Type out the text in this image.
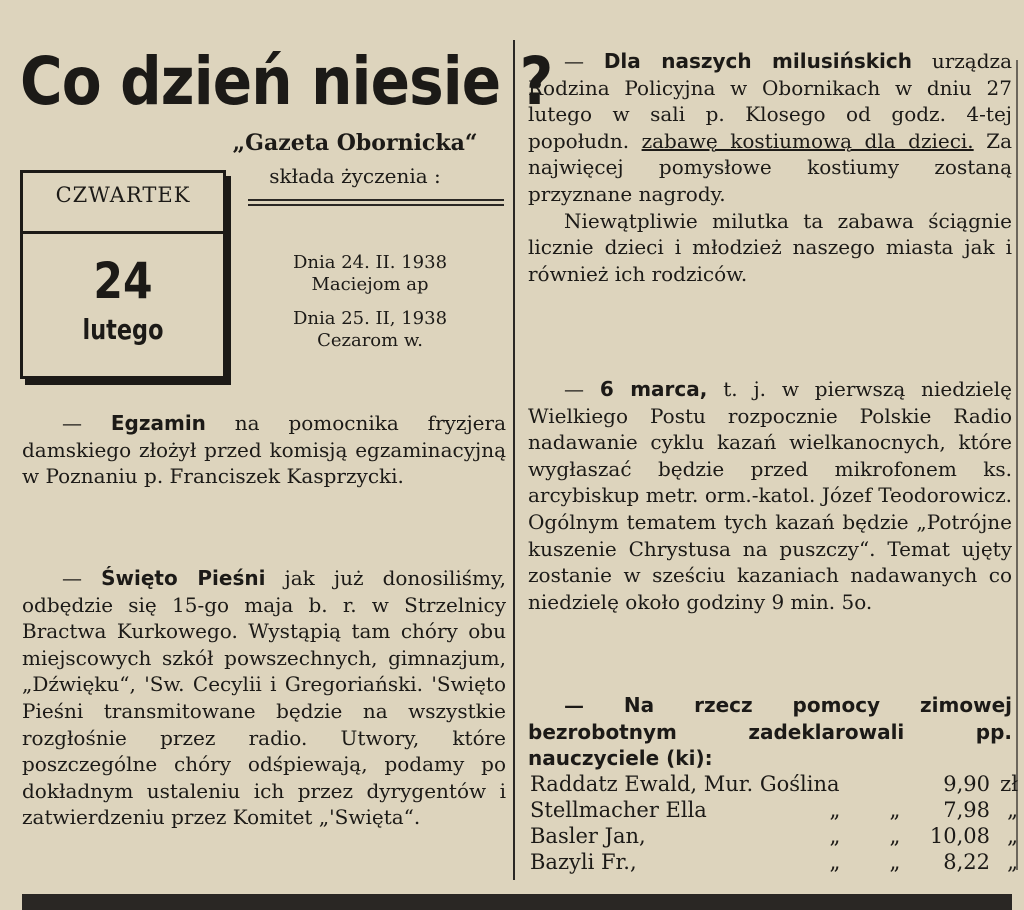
Co dzień niesie ?
„Gazeta Obornicka“
składa życzenia :
CZWARTEK
24
lutego
Dnia 24. II. 1938
Maciejom ap
Dnia 25. II, 1938
Cezarom w.
— Egzamin na pomocnika fryzjera damskiego złożył przed komisją egzaminacyjną w Poznaniu p. Franciszek Kasprzycki.
— Święto Pieśni jak już donosiliśmy, odbędzie się 15-go maja b. r. w Strzelnicy Bractwa Kurkowego. Wystąpią tam chóry obu miejscowych szkół powszechnych, gimnazjum, „Dźwięku“, 'Sw. Cecylii i Gregoriański. 'Swięto Pieśni transmitowane będzie na wszystkie rozgłośnie przez radio. Utwory, które poszczególne chóry odśpiewają, podamy po dokładnym ustaleniu ich przez dyrygentów i zatwierdzeniu przez Komitet „'Swięta“.
— Dla naszych milusińskich urządza Rodzina Policyjna w Obornikach w dniu 27 lutego w sali p. Klosego od godz. 4-tej popołudn. zabawę kostiumową dla dzieci. Za najwięcej pomysłowe kostiumy zostaną przyznane nagrody.
Niewątpliwie milutka ta zabawa ściągnie licznie dzieci i młodzież naszego miasta jak i również ich rodziców.
— 6 marca, t. j. w pierwszą niedzielę Wielkiego Postu rozpocznie Polskie Radio nadawanie cyklu kazań wielkanocnych, które wygłaszać będzie przed mikrofonem ks. arcybiskup metr. orm.-katol. Józef Teodorowicz. Ogólnym tematem tych kazań będzie „Potrójne kuszenie Chrystusa na puszczy“. Temat ujęty zostanie w sześciu kazaniach nadawanych co niedzielę około godziny 9 min. 5o.
— Na rzecz pomocy zimowej bezrobotnym zadeklarowali pp. nauczyciele (ki):
Raddatz Ewald, Mur. Goślina	9,90 zł
Stellmacher Ella	„	„	7,98 „
Basler Jan,	„	„	10,08 „
Bazyli Fr.,	„	„	8,22 „
